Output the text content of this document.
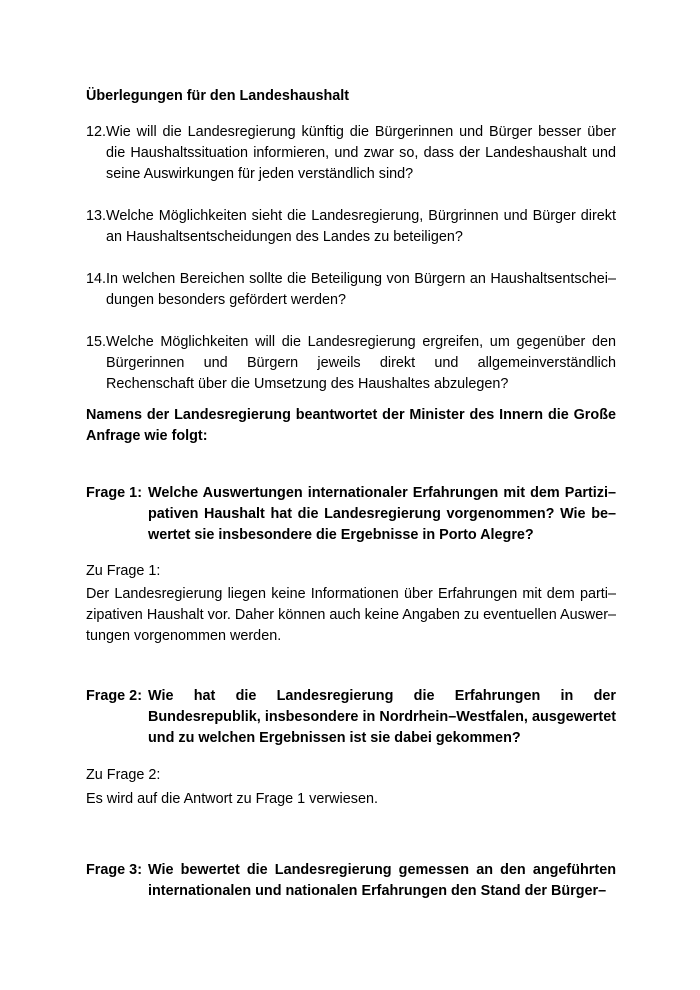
Überlegungen für den Landeshaushalt

12. Wie will die Landesregierung künftig die Bürgerinnen und Bürger besser über die Haushaltssituation informieren, und zwar so, dass der Landeshaushalt und seine Auswirkungen für jeden verständlich sind?
13. Welche Möglichkeiten sieht die Landesregierung, Bürgrinnen und Bürger direkt an Haushaltsentscheidungen des Landes zu beteiligen?
14. In welchen Bereichen sollte die Beteiligung von Bürgern an Haushaltsentschei– dungen besonders gefördert werden?
15. Welche Möglichkeiten will die Landesregierung ergreifen, um gegenüber den Bürgerinnen und Bürgern jeweils direkt und allgemeinverständlich Rechenschaft über die Umsetzung des Haushaltes abzulegen?

Namens der Landesregierung beantwortet der Minister des Innern die Große Anfrage wie folgt:

Frage 1: Welche Auswertungen internationaler Erfahrungen mit dem Partizi– pativen Haushalt hat die Landesregierung vorgenommen? Wie be– wertet sie insbesondere die Ergebnisse in Porto Alegre?

Zu Frage 1:

Der Landesregierung liegen keine Informationen über Erfahrungen mit dem parti– zipativen Haushalt vor. Daher können auch keine Angaben zu eventuellen Auswer– tungen vorgenommen werden.

Frage 2: Wie hat die Landesregierung die Erfahrungen in der Bundesrepublik, insbesondere in Nordrhein–Westfalen, ausgewertet und zu welchen Ergebnissen ist sie dabei gekommen?

Zu Frage 2:

Es wird auf die Antwort zu Frage 1 verwiesen.

Frage 3: Wie bewertet die Landesregierung gemessen an den angeführten internationalen und nationalen Erfahrungen den Stand der Bürger–
